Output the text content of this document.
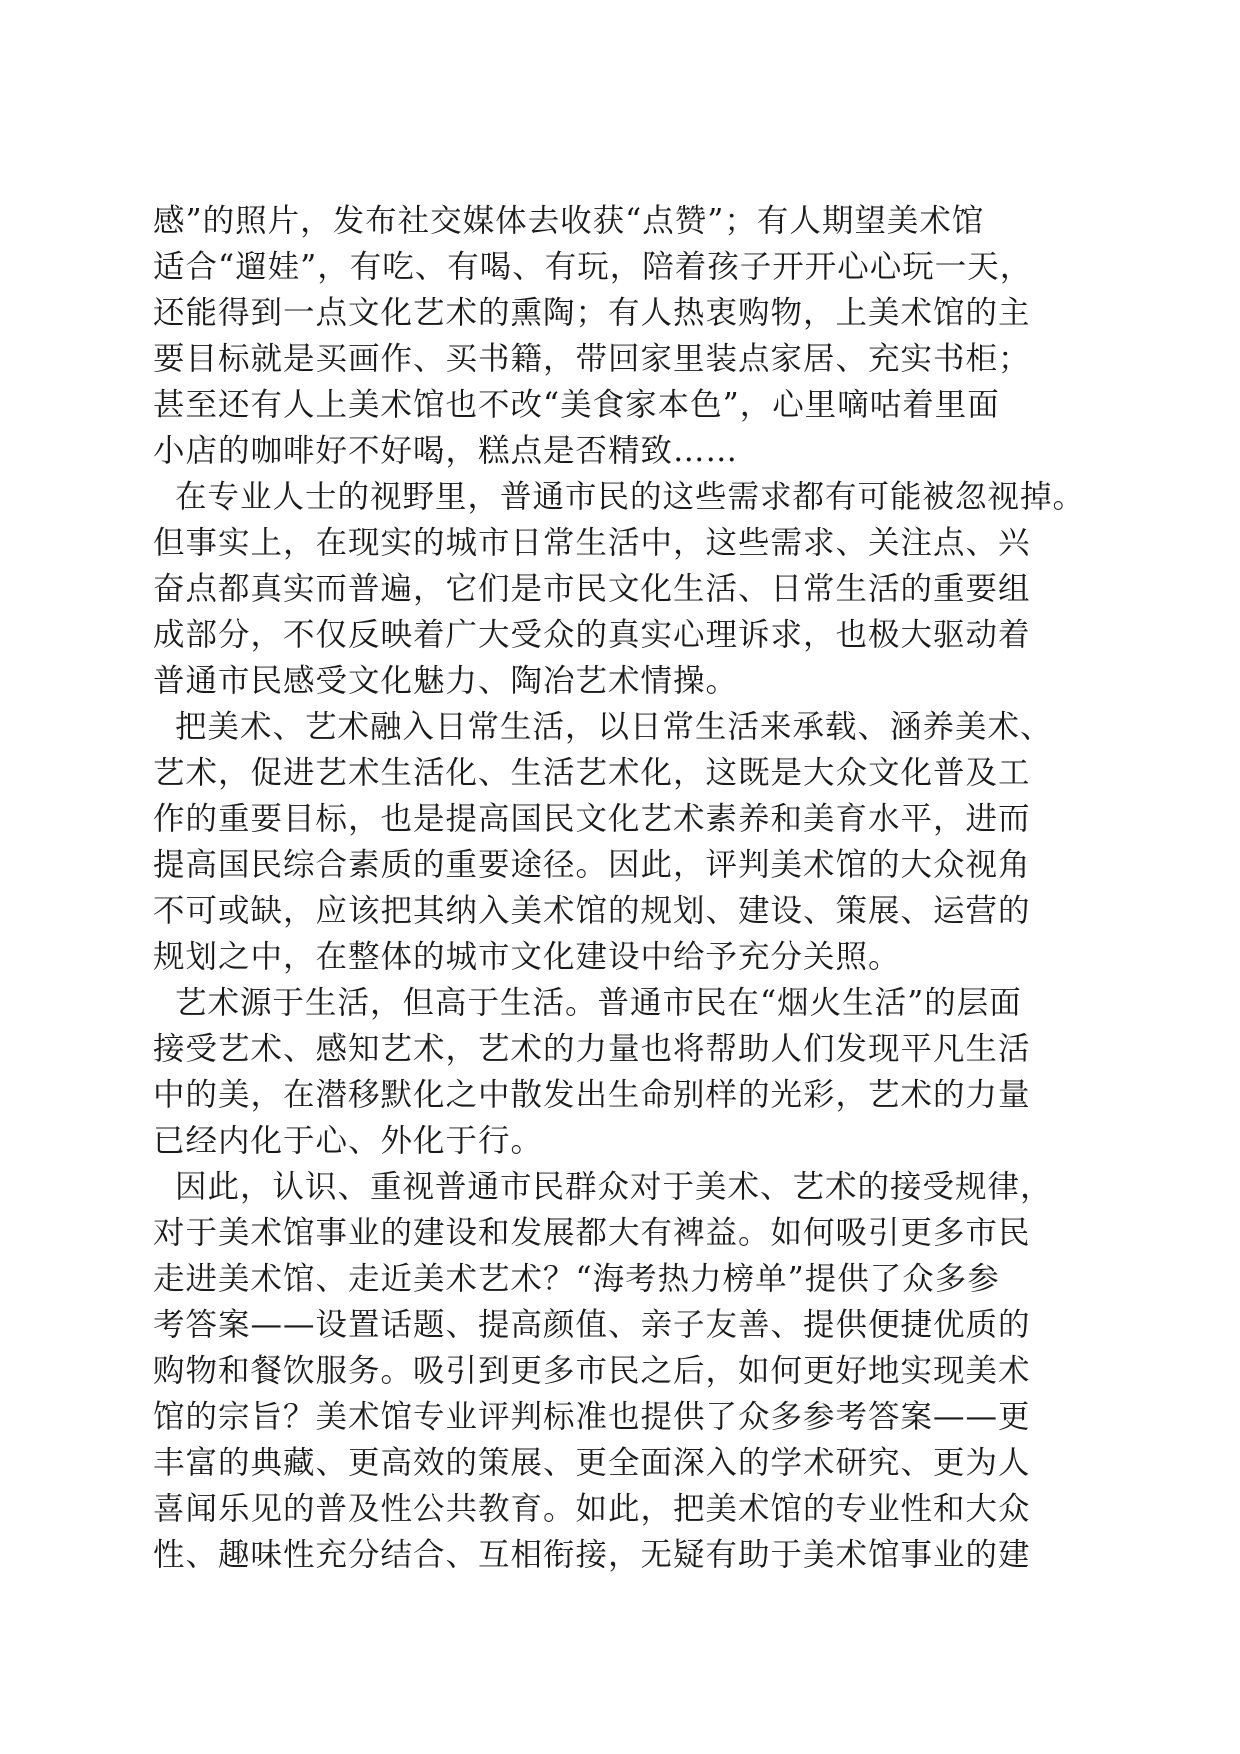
感”的照片，发布社交媒体去收获“点赞”；有人期望美术馆
适合“遛娃”，有吃、有喝、有玩，陪着孩子开开心心玩一天，
还能得到一点文化艺术的熏陶；有人热衷购物，上美术馆的主
要目标就是买画作、买书籍，带回家里装点家居、充实书柜；
甚至还有人上美术馆也不改“美食家本色”，心里嘀咕着里面
小店的咖啡好不好喝，糕点是否精致……
在专业人士的视野里，普通市民的这些需求都有可能被忽视掉。
但事实上，在现实的城市日常生活中，这些需求、关注点、兴
奋点都真实而普遍，它们是市民文化生活、日常生活的重要组
成部分，不仅反映着广大受众的真实心理诉求，也极大驱动着
普通市民感受文化魅力、陶冶艺术情操。
把美术、艺术融入日常生活，以日常生活来承载、涵养美术、
艺术，促进艺术生活化、生活艺术化，这既是大众文化普及工
作的重要目标，也是提高国民文化艺术素养和美育水平，进而
提高国民综合素质的重要途径。因此，评判美术馆的大众视角
不可或缺，应该把其纳入美术馆的规划、建设、策展、运营的
规划之中，在整体的城市文化建设中给予充分关照。
艺术源于生活，但高于生活。普通市民在“烟火生活”的层面
接受艺术、感知艺术，艺术的力量也将帮助人们发现平凡生活
中的美，在潜移默化之中散发出生命别样的光彩，艺术的力量
已经内化于心、外化于行。
因此，认识、重视普通市民群众对于美术、艺术的接受规律，
对于美术馆事业的建设和发展都大有裨益。如何吸引更多市民
走进美术馆、走近美术艺术？“海考热力榜单”提供了众多参
考答案——设置话题、提高颜值、亲子友善、提供便捷优质的
购物和餐饮服务。吸引到更多市民之后，如何更好地实现美术
馆的宗旨？美术馆专业评判标准也提供了众多参考答案——更
丰富的典藏、更高效的策展、更全面深入的学术研究、更为人
喜闻乐见的普及性公共教育。如此，把美术馆的专业性和大众
性、趣味性充分结合、互相衔接，无疑有助于美术馆事业的建
